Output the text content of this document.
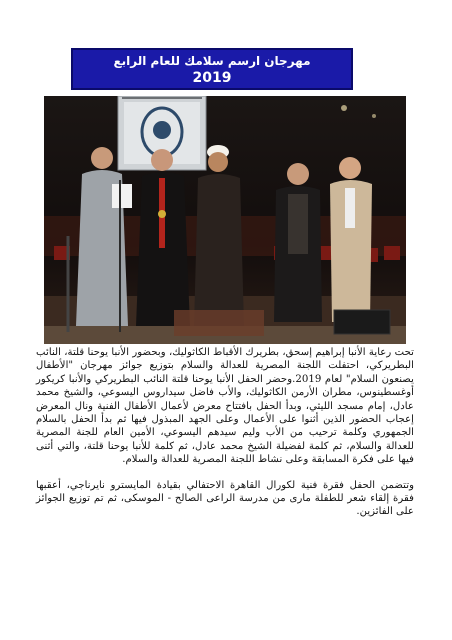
مهرجان ارسم سلامك للعام الرابع
2019

تحت رعاية الأنبا إبراهيم إسحق، بطريرك الأقباط الكاثوليك، وبحضور الأنبا يوحنا قلتة، النائب البطريركي، احتفلت اللجنة المصرية للعدالة والسلام بتوزيع جوائز مهرجان "الأطفال يصنعون السلام" لعام 2019.وحضر الحفل الأنبا يوحنا قلتة النائب البطريركي والأنبا كريكور أوغسطينوس، مطران الأرمن الكاثوليك، والأب فاضل سيداروس اليسوعي، والشيخ محمد عادل، إمام مسجد الليثي، وبدأ الحفل بافتتاح معرض لأعمال الأطفال الفنية ونال المعرض إعجاب الحضور الذين أثنوا على الأعمال وعلى الجهد المبذول فيها ثم بدأ الحفل بالسلام الجمهوري وكلمة ترحيب من الأب وليم سيدهم اليسوعي، الأمين العام للجنة المصرية للعدالة والسلام، ثم كلمة لفضيلة الشيخ محمد عادل، ثم كلمة للأنبا يوحنا قلتة، والتي أثنى فيها على فكرة المسابقة وعلى نشاط اللجنة المصرية للعدالة والسلام.

وتتضمن الحفل فقرة فنية لكورال القاهرة الاحتفالي بقيادة المايسترو نايرناجي، أعقبها فقرة إلقاء شعر للطفلة مارى من مدرسة الراعى الصالح - الموسكى، ثم تم توزيع الجوائز على الفائزين.
